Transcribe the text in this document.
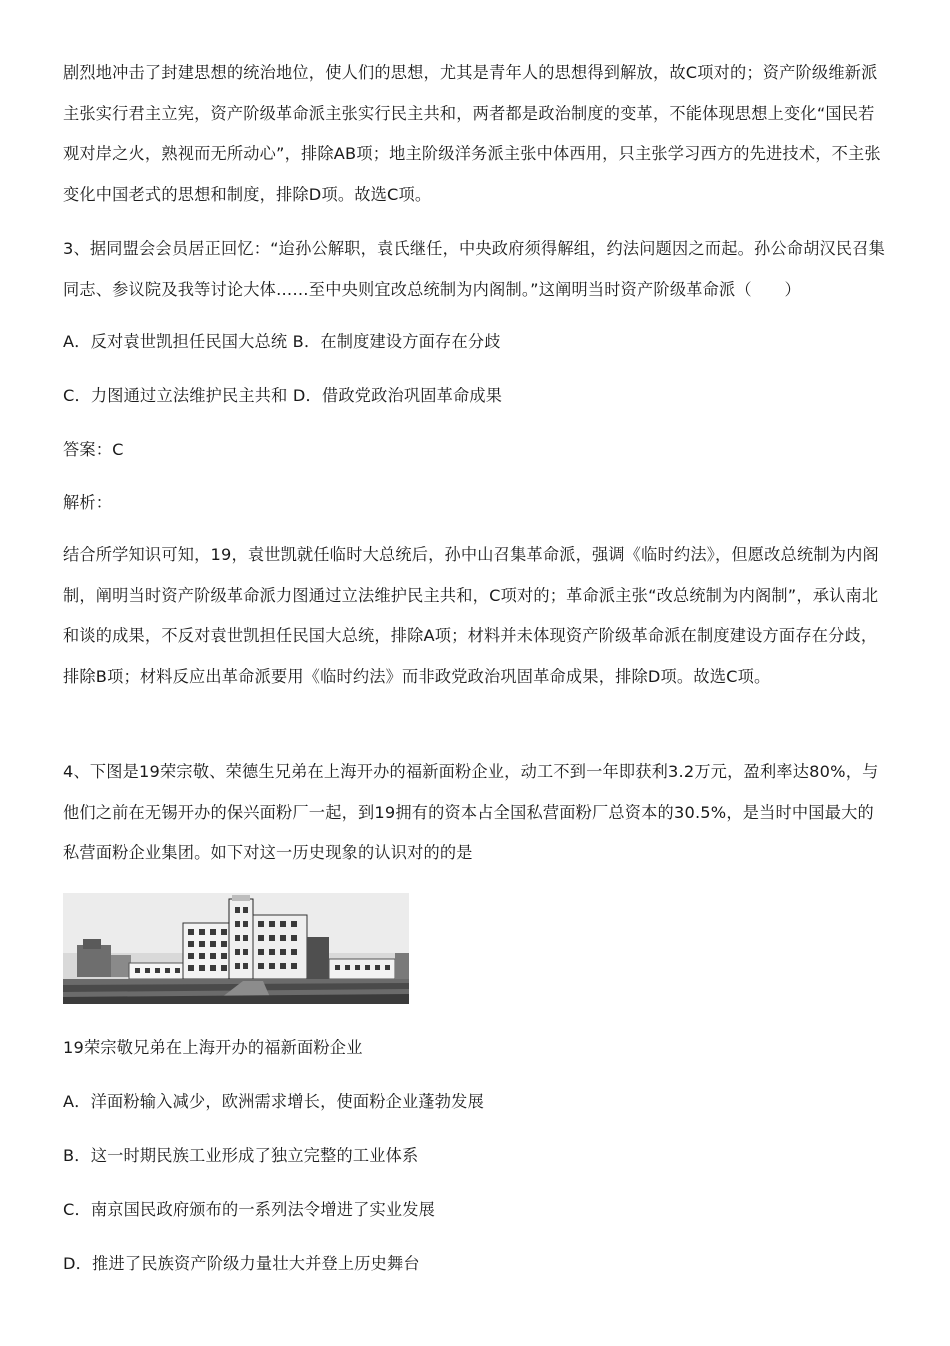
剧烈地冲击了封建思想的统治地位，使人们的思想，尤其是青年人的思想得到解放，故C项对的；资产阶级维新派主张实行君主立宪，资产阶级革命派主张实行民主共和，两者都是政治制度的变革，不能体现思想上变化“国民若观对岸之火，熟视而无所动心”，排除AB项；地主阶级洋务派主张中体西用，只主张学习西方的先进技术，不主张变化中国老式的思想和制度，排除D项。故选C项。

3、据同盟会会员居正回忆：“迨孙公解职，袁氏继任，中央政府须得解组，约法问题因之而起。孙公命胡汉民召集同志、参议院及我等讨论大体……至中央则宜改总统制为内阁制。”这阐明当时资产阶级革命派（　　）

A．反对袁世凯担任民国大总统 B．在制度建设方面存在分歧

C．力图通过立法维护民主共和 D．借政党政治巩固革命成果

答案：C

解析：

结合所学知识可知，19，袁世凯就任临时大总统后，孙中山召集革命派，强调《临时约法》，但愿改总统制为内阁制，阐明当时资产阶级革命派力图通过立法维护民主共和，C项对的；革命派主张“改总统制为内阁制”，承认南北和谈的成果，不反对袁世凯担任民国大总统，排除A项；材料并未体现资产阶级革命派在制度建设方面存在分歧，排除B项；材料反应出革命派要用《临时约法》而非政党政治巩固革命成果，排除D项。故选C项。

4、下图是19荣宗敬、荣德生兄弟在上海开办的福新面粉企业，动工不到一年即获利3.2万元，盈利率达80%，与他们之前在无锡开办的保兴面粉厂一起，到19拥有的资本占全国私营面粉厂总资本的30.5%，是当时中国最大的私营面粉企业集团。如下对这一历史现象的认识对的的是

19荣宗敬兄弟在上海开办的福新面粉企业

A．洋面粉输入减少，欧洲需求增长，使面粉企业蓬勃发展

B．这一时期民族工业形成了独立完整的工业体系

C．南京国民政府颁布的一系列法令增进了实业发展

D．推进了民族资产阶级力量壮大并登上历史舞台
